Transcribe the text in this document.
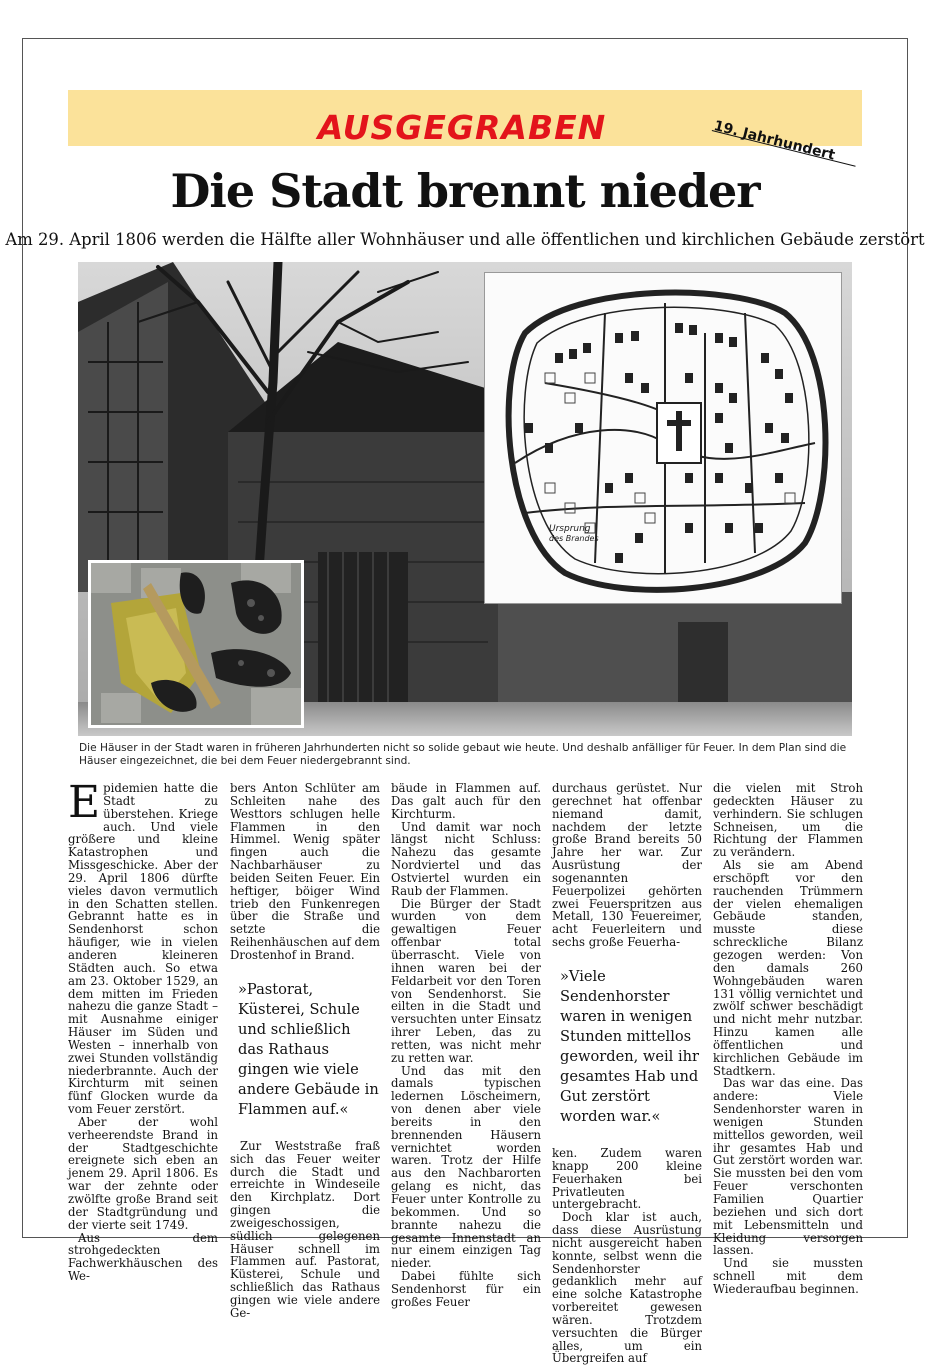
AUSGEGRABEN	19. Jahrhundert
Die Stadt brennt nieder
Am 29. April 1806 werden die Hälfte aller Wohnhäuser und alle öffentlichen und kirchlichen Gebäude zerstört
Ursprung
des Brandes
Die Häuser in der Stadt waren in früheren Jahrhunderten nicht so solide gebaut wie heute. Und deshalb anfälliger für Feuer. In dem Plan sind die Häuser eingezeichnet, die bei dem Feuer niedergebrannt sind.

Epidemien hatte die Stadt zu überstehen. Kriege auch. Und viele größere und kleine Katastrophen und Missgeschicke. Aber der 29. April 1806 dürfte vieles davon vermutlich in den Schatten stellen. Gebrannt hatte es in Sendenhorst schon häufiger, wie in vielen anderen kleineren Städten auch. So etwa am 23. Oktober 1529, an dem mitten im Frieden nahezu die ganze Stadt – mit Ausnahme einiger Häuser im Süden und Westen – innerhalb von zwei Stunden vollständig niederbrannte. Auch der Kirchturm mit seinen fünf Glocken wurde da vom Feuer zerstört.

Aber der wohl verheerendste Brand in der Stadtgeschichte ereignete sich eben an jenem 29. April 1806. Es war der zehnte oder zwölfte große Brand seit der Stadtgründung und der vierte seit 1749.

Aus dem strohgedeckten Fachwerkhäuschen des We-

bers Anton Schlüter am Schleiten nahe des Westtors schlugen helle Flammen in den Himmel. Wenig später fingen auch die Nachbarhäuser zu beiden Seiten Feuer. Ein heftiger, böiger Wind trieb den Funkenregen über die Straße und setzte die Reihenhäuschen auf dem Drostenhof in Brand.

»Pastorat, Küsterei, Schule und schließlich das Rathaus gingen wie viele andere Gebäude in Flammen auf.«

Zur Weststraße fraß sich das Feuer weiter durch die Stadt und erreichte in Windeseile den Kirchplatz. Dort gingen die zweigeschossigen, südlich gelegenen Häuser schnell im Flammen auf. Pastorat, Küsterei, Schule und schließlich das Rathaus gingen wie viele andere Ge-

bäude in Flammen auf. Das galt auch für den Kirchturm.

Und damit war noch längst nicht Schluss: Nahezu das gesamte Nordviertel und das Ostviertel wurden ein Raub der Flammen.

Die Bürger der Stadt wurden von dem gewaltigen Feuer offenbar total überrascht. Viele von ihnen waren bei der Feldarbeit vor den Toren von Sendenhorst. Sie eilten in die Stadt und versuchten unter Einsatz ihrer Leben, das zu retten, was nicht mehr zu retten war.

Und das mit den damals typischen ledernen Löscheimern, von denen aber viele bereits in den brennenden Häusern vernichtet worden waren. Trotz der Hilfe aus den Nachbarorten gelang es nicht, das Feuer unter Kontrolle zu bekommen. Und so brannte nahezu die gesamte Innenstadt an nur einem einzigen Tag nieder.

Dabei fühlte sich Sendenhorst für ein großes Feuer

durchaus gerüstet. Nur gerechnet hat offenbar niemand damit, nachdem der letzte große Brand bereits 50 Jahre her war. Zur Ausrüstung der sogenannten Feuerpolizei gehörten zwei Feuerspritzen aus Metall, 130 Feuereimer, acht Feuerleitern und sechs große Feuerha-

»Viele Sendenhorster waren in wenigen Stunden mittellos geworden, weil ihr gesamtes Hab und Gut zerstört worden war.«

ken. Zudem waren knapp 200 kleine Feuerhaken bei Privatleuten untergebracht.

Doch klar ist auch, dass diese Ausrüstung nicht ausgereicht haben konnte, selbst wenn die Sendenhorster gedanklich mehr auf eine solche Katastrophe vorbereitet gewesen wären. Trotzdem versuchten die Bürger alles, um ein Übergreifen auf

die vielen mit Stroh gedeckten Häuser zu verhindern. Sie schlugen Schneisen, um die Richtung der Flammen zu verändern.

Als sie am Abend erschöpft vor den rauchenden Trümmern der vielen ehemaligen Gebäude standen, musste diese schreckliche Bilanz gezogen werden: Von den damals 260 Wohngebäuden waren 131 völlig vernichtet und zwölf schwer beschädigt und nicht mehr nutzbar. Hinzu kamen alle öffentlichen und kirchlichen Gebäude im Stadtkern.

Das war das eine. Das andere: Viele Sendenhorster waren in wenigen Stunden mittellos geworden, weil ihr gesamtes Hab und Gut zerstört worden war. Sie mussten bei den vom Feuer verschonten Familien Quartier beziehen und sich dort mit Lebensmitteln und Kleidung versorgen lassen.

Und sie mussten schnell mit dem Wiederaufbau beginnen.
